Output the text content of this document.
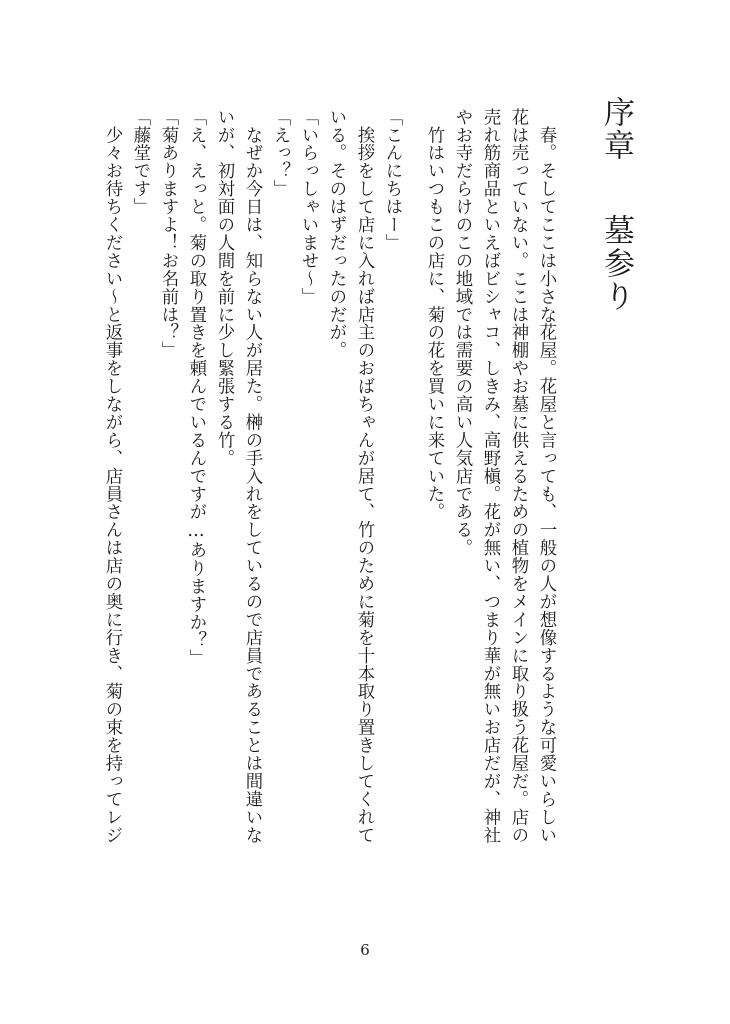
序章墓参り
　春。そしてここは小さな花屋。花屋と言っても、一般の人が想像するような可愛いらしい
花は売っていない。ここは神棚やお墓に供えるための植物をメインに取り扱う花屋だ。店の
売れ筋商品といえばビシャコ、しきみ、高野槇。花が無い、つまり華が無いお店だが、神社
やお寺だらけのこの地域では需要の高い人気店である。
　竹はいつもこの店に、菊の花を買いに来ていた。
「こんにちはー」
　挨拶をして店に入れば店主のおばちゃんが居て、竹のために菊を十本取り置きしてくれて
いる。そのはずだったのだが。
「いらっしゃいませ～」
「えっ？」
　なぜか今日は、知らない人が居た。榊の手入れをしているので店員であることは間違いな
いが、初対面の人間を前に少し緊張する竹。
「え、えっと。菊の取り置きを頼んでいるんですが…ありますか？」
「菊ありますよ！お名前は？」
「藤堂です」
　少々お待ちください～と返事をしながら、店員さんは店の奥に行き、菊の束を持ってレジ
6
